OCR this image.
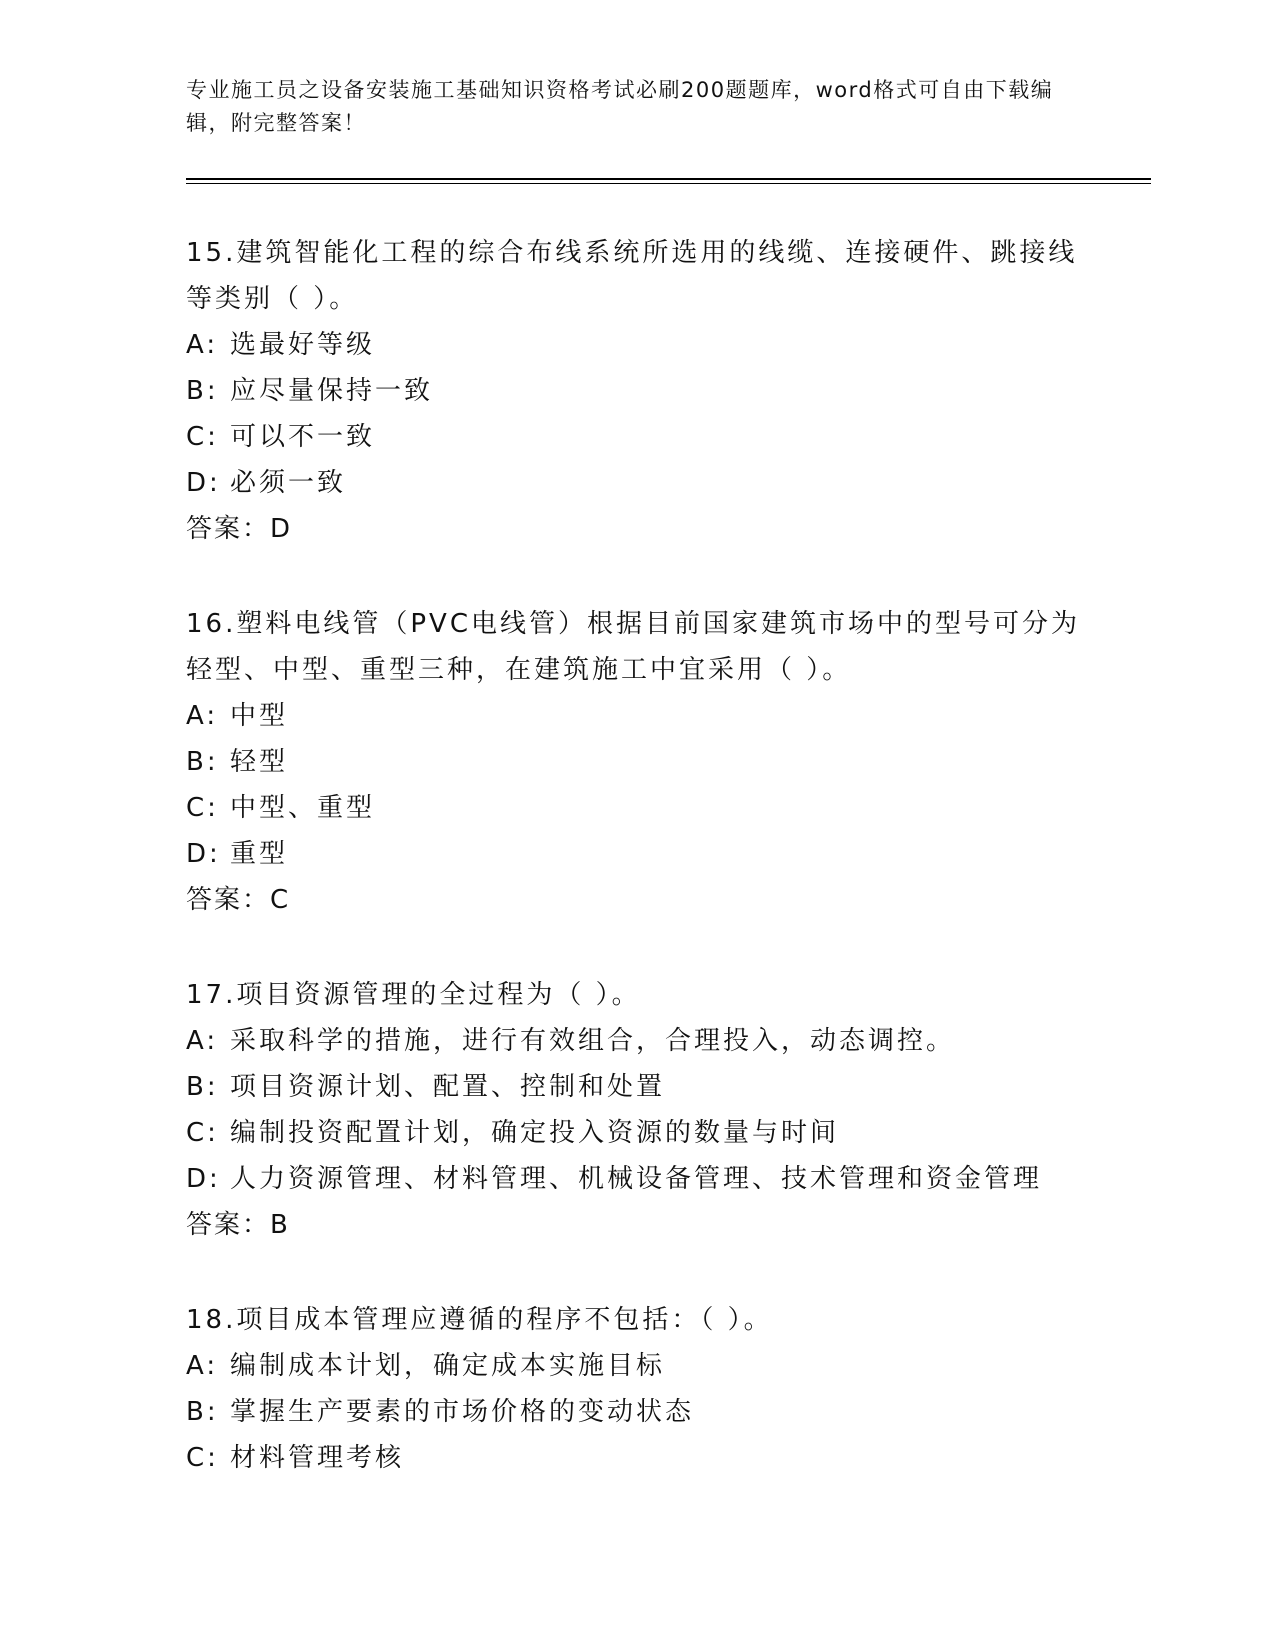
专业施工员之设备安装施工基础知识资格考试必刷200题题库，word格式可自由下载编辑，附完整答案！
15.建筑智能化工程的综合布线系统所选用的线缆、连接硬件、跳接线等类别（ ）。
A: 选最好等级
B: 应尽量保持一致
C: 可以不一致
D: 必须一致
答案：D
16.塑料电线管（PVC电线管）根据目前国家建筑市场中的型号可分为轻型、中型、重型三种，在建筑施工中宜采用（ ）。
A: 中型
B: 轻型
C: 中型、重型
D: 重型
答案：C
17.项目资源管理的全过程为（ ）。
A: 采取科学的措施，进行有效组合，合理投入，动态调控。
B: 项目资源计划、配置、控制和处置
C: 编制投资配置计划，确定投入资源的数量与时间
D: 人力资源管理、材料管理、机械设备管理、技术管理和资金管理
答案：B
18.项目成本管理应遵循的程序不包括：（ ）。
A: 编制成本计划，确定成本实施目标
B: 掌握生产要素的市场价格的变动状态
C: 材料管理考核
